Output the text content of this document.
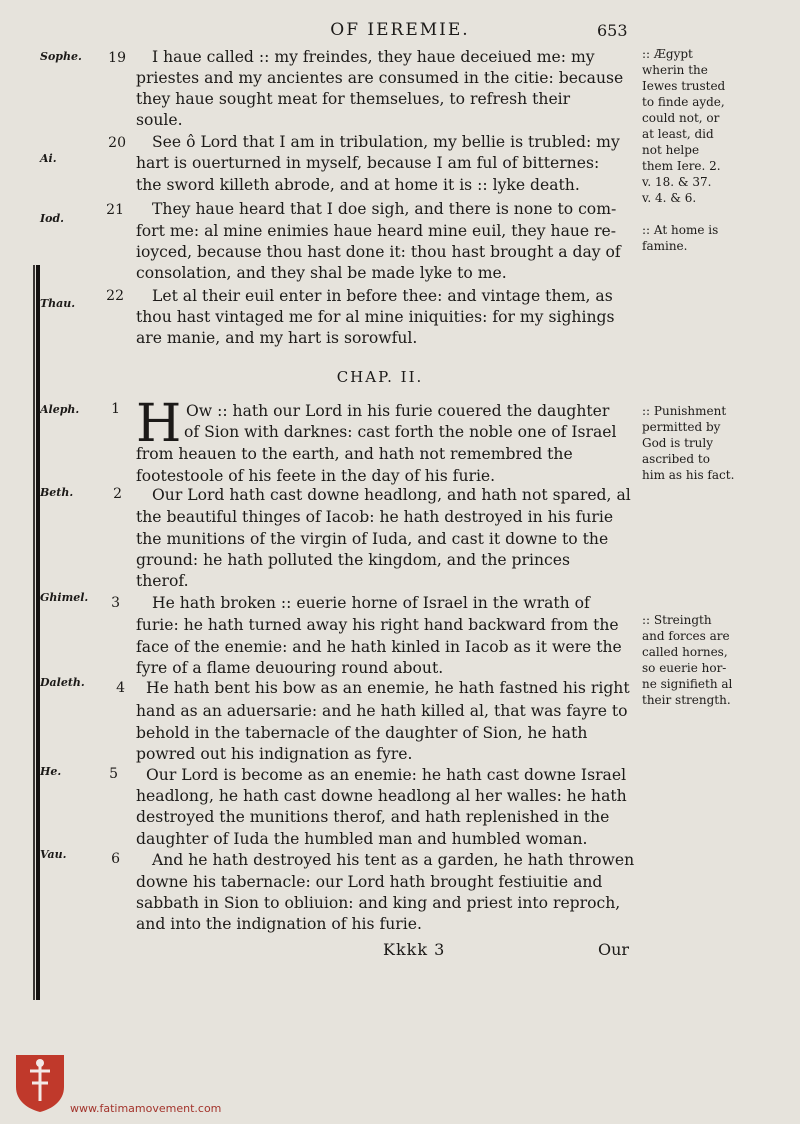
OF IEREMIE.	653
Sophe.
Ai.
Iod.
Thau.
Aleph.
Beth.
Ghimel.
Daleth.
He.
Vau.
19
20
21
22
1
2
3
4
5
6
I haue called :: my freindes, they haue deceiued me: my
priestes and my ancientes are consumed in the citie: because
they haue sought meat for themselues, to refresh their
soule.
See ô Lord that I am in tribulation, my bellie is trubled: my
hart is ouerturned in myself, because I am ful of bitternes:
the sword killeth abrode, and at home it is :: lyke death.
They haue heard that I doe sigh, and there is none to com-
fort me: al mine enimies haue heard mine euil, they haue re-
ioyced, because thou hast done it: thou hast brought a day of
consolation, and they shal be made lyke to me.
Let al their euil enter in before thee: and vintage them, as
thou hast vintaged me for al mine iniquities: for my sighings
are manie, and my hart is sorowful.
CHAP. II.
H Ow :: hath our Lord in his furie couered the daughter
of Sion with darknes: cast forth the noble one of Israel
from heauen to the earth, and hath not remembred the
footestoole of his feete in the day of his furie.
Our Lord hath cast downe headlong, and hath not spared, al
the beautiful thinges of Iacob: he hath destroyed in his furie
the munitions of the virgin of Iuda, and cast it downe to the
ground: he hath polluted the kingdom, and the princes
therof.
He hath broken :: euerie horne of Israel in the wrath of
furie: he hath turned away his right hand backward from the
face of the enemie: and he hath kinled in Iacob as it were the
fyre of a flame deuouring round about.
He hath bent his bow as an enemie, he hath fastned his right
hand as an aduersarie: and he hath killed al, that was fayre to
behold in the tabernacle of the daughter of Sion, he hath
powred out his indignation as fyre.
Our Lord is become as an enemie: he hath cast downe Israel
headlong, he hath cast downe headlong al her walles: he hath
destroyed the munitions therof, and hath replenished in the
daughter of Iuda the humbled man and humbled woman.
And he hath destroyed his tent as a garden, he hath throwen
downe his tabernacle: our Lord hath brought festiuitie and
sabbath in Sion to obliuion: and king and priest into reproch,
and into the indignation of his furie.
:: Ægypt
wherin the
Iewes trusted
to finde ayde,
could not, or
at least, did
not helpe
them Iere. 2.
v. 18. & 37.
v. 4. & 6.
:: At home is
famine.
:: Punishment
permitted by
God is truly
ascribed to
him as his fact.
:: Streingth
and forces are
called hornes,
so euerie hor-
ne signifieth al
their strength.
Kkkk 3	Our
www.fatimamovement.com
